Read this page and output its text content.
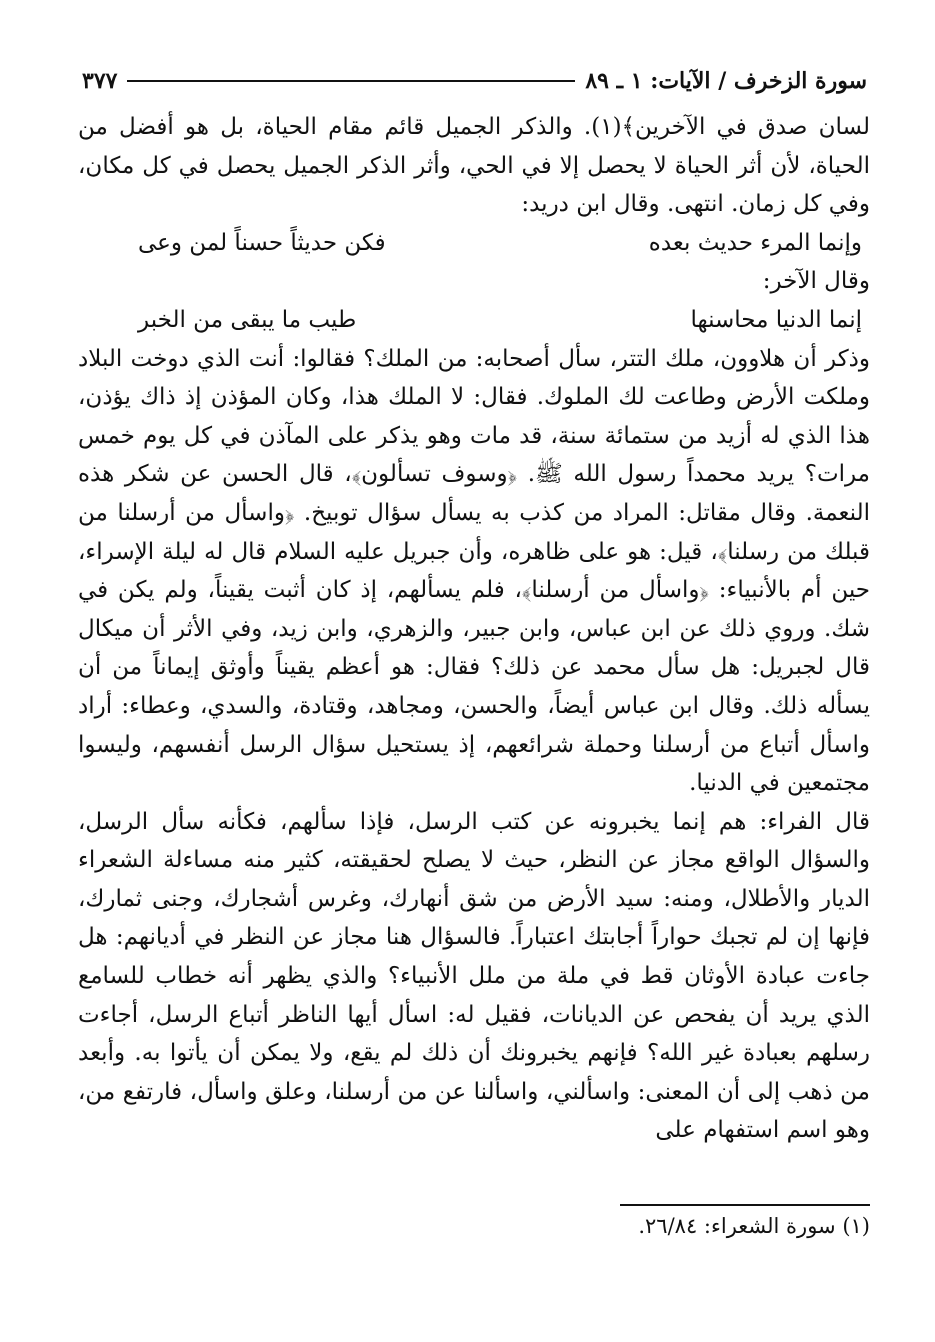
سورة الزخرف / الآيات: ١ ـ ٨٩
٣٧٧

لسان صدق في الآخرين﴾(١). والذكر الجميل قائم مقام الحياة، بل هو أفضل من الحياة، لأن أثر الحياة لا يحصل إلا في الحي، وأثر الذكر الجميل يحصل في كل مكان، وفي كل زمان. انتهى. وقال ابن دريد:

وإنما المرء حديث بعده
فكن حديثاً حسناً لمن وعى

وقال الآخر:

إنما الدنيا محاسنها
طيب ما يبقى من الخبر

وذكر أن هلاوون، ملك التتر، سأل أصحابه: من الملك؟ فقالوا: أنت الذي دوخت البلاد وملكت الأرض وطاعت لك الملوك. فقال: لا الملك هذا، وكان المؤذن إذ ذاك يؤذن، هذا الذي له أزيد من ستمائة سنة، قد مات وهو يذكر على المآذن في كل يوم خمس مرات؟ يريد محمداً رسول الله ﷺ. ﴿وسوف تسألون﴾، قال الحسن عن شكر هذه النعمة. وقال مقاتل: المراد من كذب به يسأل سؤال توبيخ. ﴿واسأل من أرسلنا من قبلك من رسلنا﴾، قيل: هو على ظاهره، وأن جبريل عليه السلام قال له ليلة الإسراء، حين أم بالأنبياء: ﴿واسأل من أرسلنا﴾، فلم يسألهم، إذ كان أثبت يقيناً، ولم يكن في شك. وروي ذلك عن ابن عباس، وابن جبير، والزهري، وابن زيد، وفي الأثر أن ميكال قال لجبريل: هل سأل محمد عن ذلك؟ فقال: هو أعظم يقيناً وأوثق إيماناً من أن يسأله ذلك. وقال ابن عباس أيضاً، والحسن، ومجاهد، وقتادة، والسدي، وعطاء: أراد واسأل أتباع من أرسلنا وحملة شرائعهم، إذ يستحيل سؤال الرسل أنفسهم، وليسوا مجتمعين في الدنيا.

قال الفراء: هم إنما يخبرونه عن كتب الرسل، فإذا سألهم، فكأنه سأل الرسل، والسؤال الواقع مجاز عن النظر، حيث لا يصلح لحقيقته، كثير منه مساءلة الشعراء الديار والأطلال، ومنه: سيد الأرض من شق أنهارك، وغرس أشجارك، وجنى ثمارك، فإنها إن لم تجبك حواراً أجابتك اعتباراً. فالسؤال هنا مجاز عن النظر في أديانهم: هل جاءت عبادة الأوثان قط في ملة من ملل الأنبياء؟ والذي يظهر أنه خطاب للسامع الذي يريد أن يفحص عن الديانات، فقيل له: اسأل أيها الناظر أتباع الرسل، أجاءت رسلهم بعبادة غير الله؟ فإنهم يخبرونك أن ذلك لم يقع، ولا يمكن أن يأتوا به. وأبعد من ذهب إلى أن المعنى: واسألني، واسألنا عن من أرسلنا، وعلق واسأل، فارتفع من، وهو اسم استفهام على

(١) سورة الشعراء: ٢٦/٨٤.
